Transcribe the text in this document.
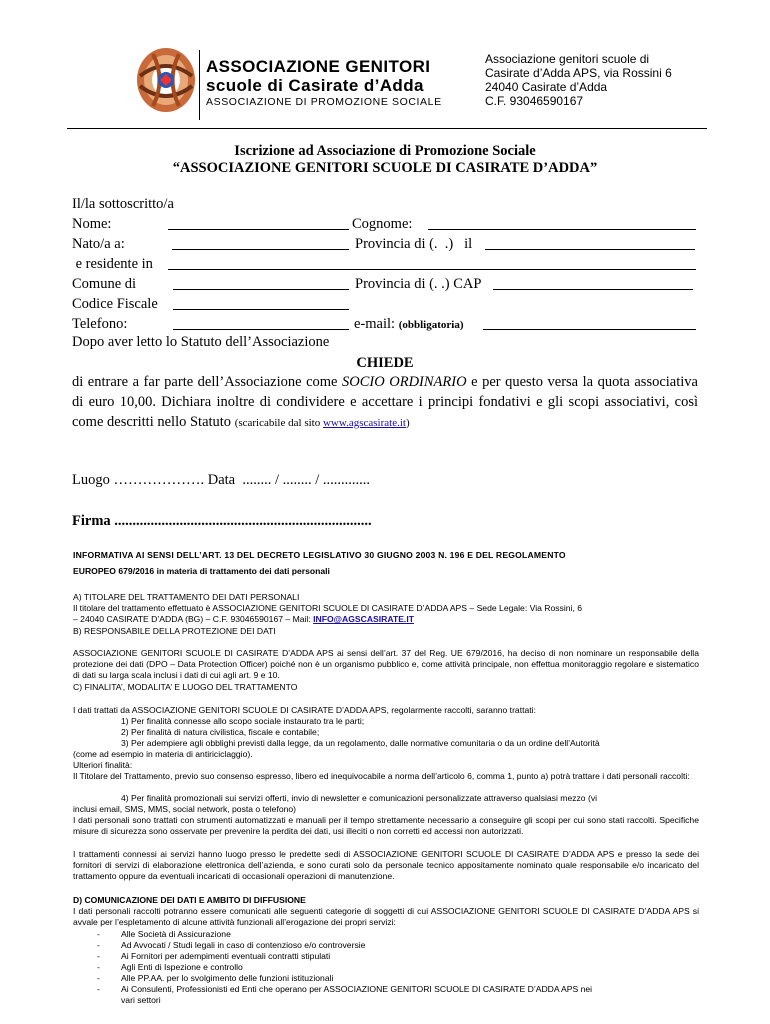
ASSOCIAZIONE GENITORI
scuole di Casirate d’Adda
ASSOCIAZIONE DI PROMOZIONE SOCIALE
Associazione genitori scuole di
Casirate d’Adda APS, via Rossini 6
24040 Casirate d’Adda
C.F. 93046590167
Iscrizione ad Associazione di Promozione Sociale
“ASSOCIAZIONE GENITORI SCUOLE DI CASIRATE D’ADDA”
Il/la sottoscritto/a
Nome:	Cognome:
Nato/a a:	Provincia di (.  .)   il
e residente in
Comune di	Provincia di (. .) CAP
Codice Fiscale
Telefono:	e-mail: (obbligatoria)
Dopo aver letto lo Statuto dell’Associazione
CHIEDE
di entrare a far parte dell’Associazione come SOCIO ORDINARIO e per questo versa la quota associativa di euro 10,00. Dichiara inoltre di condividere e accettare i principi fondativi e gli scopi associativi, così come descritti nello Statuto (scaricabile dal sito www.agscasirate.it)
Luogo ………………. Data  ........ / ........ / .............
Firma .......................................................................
INFORMATIVA AI SENSI DELL’ART. 13 DEL DECRETO LEGISLATIVO 30 GIUGNO 2003 N. 196 E DEL REGOLAMENTO
EUROPEO 679/2016 in materia di trattamento dei dati personali
A) TITOLARE DEL TRATTAMENTO DEI DATI PERSONALI
Il titolare del trattamento effettuato è ASSOCIAZIONE GENITORI SCUOLE DI CASIRATE D’ADDA APS – Sede Legale: Via Rossini, 6
– 24040 CASIRATE D’ADDA (BG) – C.F. 93046590167 – Mail: INFO@AGSCASIRATE.IT
B) RESPONSABILE DELLA PROTEZIONE DEI DATI
ASSOCIAZIONE GENITORI SCUOLE DI CASIRATE D’ADDA APS ai sensi dell’art. 37 del Reg. UE 679/2016, ha deciso di non nominare un responsabile della protezione dei dati (DPO – Data Protection Officer) poiché non è un organismo pubblico e, come attività principale, non effettua monitoraggio regolare e sistematico di dati su larga scala inclusi i dati di cui agli art. 9 e 10.
C) FINALITA’, MODALITA’ E LUOGO DEL TRATTAMENTO
I dati trattati da ASSOCIAZIONE GENITORI SCUOLE DI CASIRATE D’ADDA APS, regolarmente raccolti, saranno trattati:
1) Per finalità connesse allo scopo sociale instaurato tra le parti;
2) Per finalità di natura civilistica, fiscale e contabile;
3) Per adempiere agli obblighi previsti dalla legge, da un regolamento, dalle normative comunitaria o da un ordine dell’Autorità
(come ad esempio in materia di antiriciclaggio).
Ulteriori finalità:
Il Titolare del Trattamento, previo suo consenso espresso, libero ed inequivocabile a norma dell’articolo 6, comma 1, punto a) potrà trattare i dati personali raccolti:
4) Per finalità promozionali sui servizi offerti, invio di newsletter e comunicazioni personalizzate attraverso qualsiasi mezzo (vi
inclusi email, SMS, MMS, social network, posta o telefono)
I dati personali sono trattati con strumenti automatizzati e manuali per il tempo strettamente necessario a conseguire gli scopi per cui sono stati raccolti. Specifiche misure di sicurezza sono osservate per prevenire la perdita dei dati, usi illeciti o non corretti ed accessi non autorizzati.
I trattamenti connessi ai servizi hanno luogo presso le predette sedi di ASSOCIAZIONE GENITORI SCUOLE DI CASIRATE D’ADDA APS e presso la sede dei fornitori di servizi di elaborazione elettronica dell’azienda, e sono curati solo da personale tecnico appositamente nominato quale responsabile e/o incaricato del trattamento oppure da eventuali incaricati di occasionali operazioni di manutenzione.
D) COMUNICAZIONE DEI DATI E AMBITO DI DIFFUSIONE
I dati personali raccolti potranno essere comunicati alle seguenti categorie di soggetti di cui ASSOCIAZIONE GENITORI SCUOLE DI CASIRATE D’ADDA APS si avvale per l’espletamento di alcune attività funzionali all’erogazione dei propri servizi:
- Alle Società di Assicurazione
- Ad Avvocati / Studi legali in caso di contenzioso e/o controversie
- Ai Fornitori per adempimenti eventuali contratti stipulati
- Agli Enti di Ispezione e controllo
- Alle PP.AA. per lo svolgimento delle funzioni istituzionali
- Ai Consulenti, Professionisti ed Enti che operano per ASSOCIAZIONE GENITORI SCUOLE DI CASIRATE D’ADDA APS nei
vari settori
